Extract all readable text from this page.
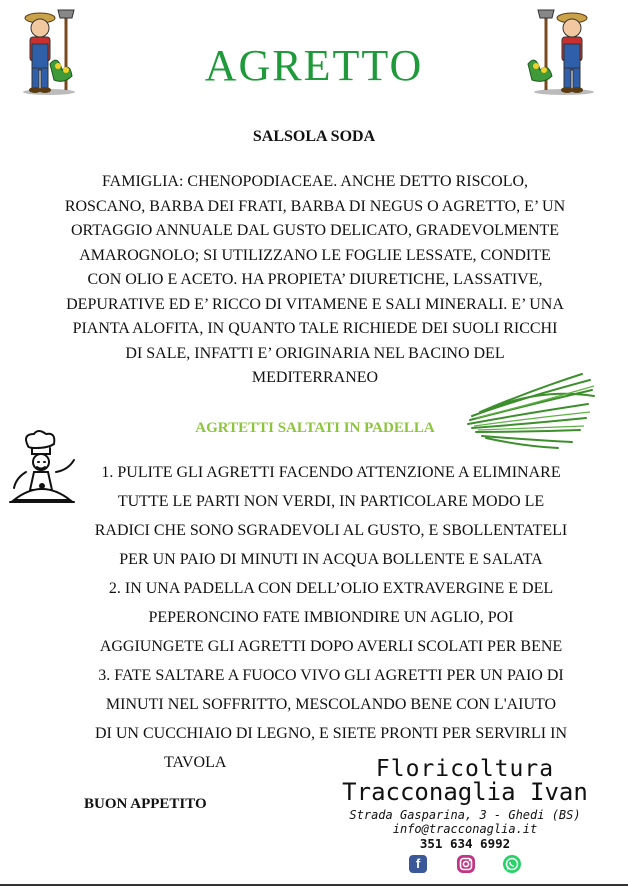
AGRETTO
SALSOLA SODA
FAMIGLIA: CHENOPODIACEAE. ANCHE DETTO RISCOLO,
ROSCANO, BARBA DEI FRATI, BARBA DI NEGUS O AGRETTO, E’ UN
ORTAGGIO ANNUALE DAL GUSTO DELICATO, GRADEVOLMENTE
AMAROGNOLO; SI UTILIZZANO LE FOGLIE LESSATE, CONDITE
CON OLIO E ACETO. HA PROPIETA’ DIURETICHE, LASSATIVE,
DEPURATIVE ED E’ RICCO DI VITAMENE E SALI MINERALI. E’ UNA
PIANTA ALOFITA, IN QUANTO TALE RICHIEDE DEI SUOLI RICCHI
DI SALE, INFATTI E’ ORIGINARIA NEL BACINO DEL
MEDITERRANEO
AGRTETTI SALTATI IN PADELLA

1. PULITE GLI AGRETTI FACENDO ATTENZIONE A ELIMINARE

TUTTE LE PARTI NON VERDI, IN PARTICOLARE MODO LE

RADICI CHE SONO SGRADEVOLI AL GUSTO, E SBOLLENTATELI

PER UN PAIO DI MINUTI IN ACQUA BOLLENTE E SALATA

2. IN UNA PADELLA CON DELL’OLIO EXTRAVERGINE E DEL

PEPERONCINO FATE IMBIONDIRE UN AGLIO, POI

AGGIUNGETE GLI AGRETTI DOPO AVERLI SCOLATI PER BENE

3. FATE SALTARE A FUOCO VIVO GLI AGRETTI PER UN PAIO DI

MINUTI NEL SOFFRITTO, MESCOLANDO BENE CON L'AIUTO

DI UN CUCCHIAIO DI LEGNO, E SIETE PRONTI PER SERVIRLI IN

TAVOLA

BUON APPETITO
Floricoltura
Tracconaglia Ivan
Strada Gasparina, 3 - Ghedi (BS)
info@tracconaglia.it
351 634 6992
f
